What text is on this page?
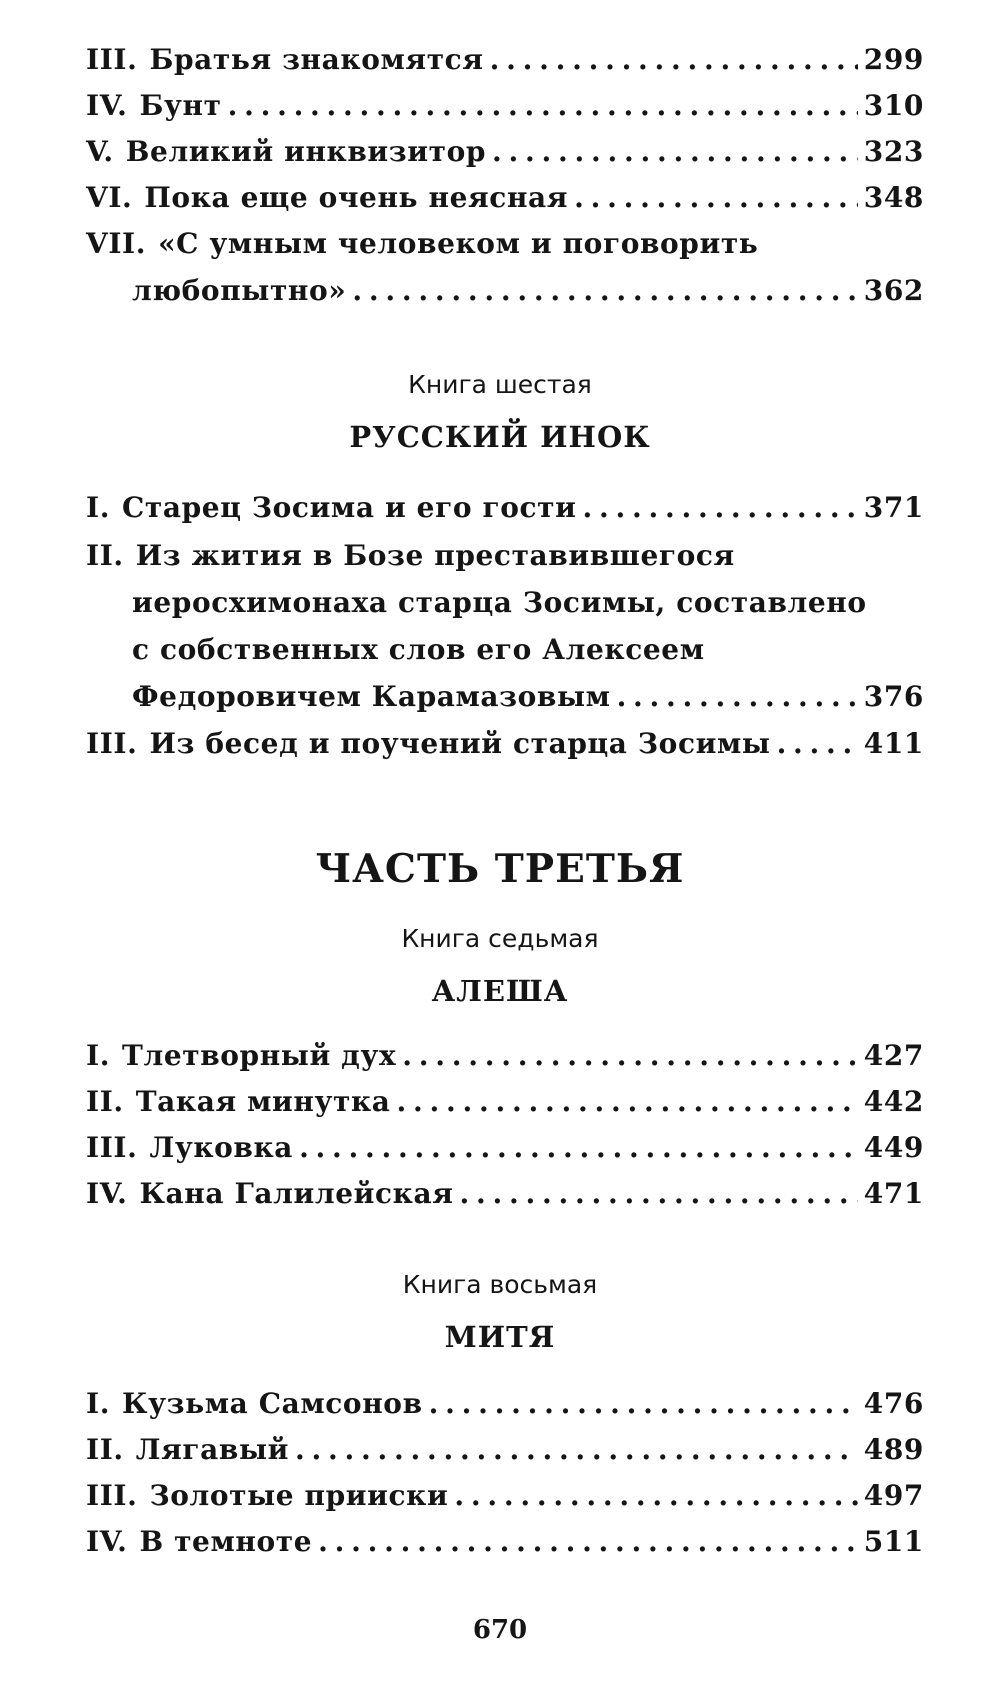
III. Братья знакомятся . . .	299
IV. Бунт . . .	310
V. Великий инквизитор . . .	323
VI. Пока еще очень неясная . . .	348
VII. «С умным человеком и поговорить
любопытно» . . .	362
Книга шестая
РУССКИЙ ИНОК
I. Старец Зосима и его гости . . .	371
II. Из жития в Бозе преставившегося
иеросхимонаха старца Зосимы, составлено
с собственных слов его Алексеем
Федоровичем Карамазовым . . .	376
III. Из бесед и поучений старца Зосимы . . .	411
ЧАСТЬ ТРЕТЬЯ
Книга седьмая
АЛЕША
I. Тлетворный дух . . .	427
II. Такая минутка . . .	442
III. Луковка . . .	449
IV. Кана Галилейская . . .	471
Книга восьмая
МИТЯ
I. Кузьма Самсонов . . .	476
II. Лягавый . . .	489
III. Золотые прииски . . .	497
IV. В темноте . . .	511
670
